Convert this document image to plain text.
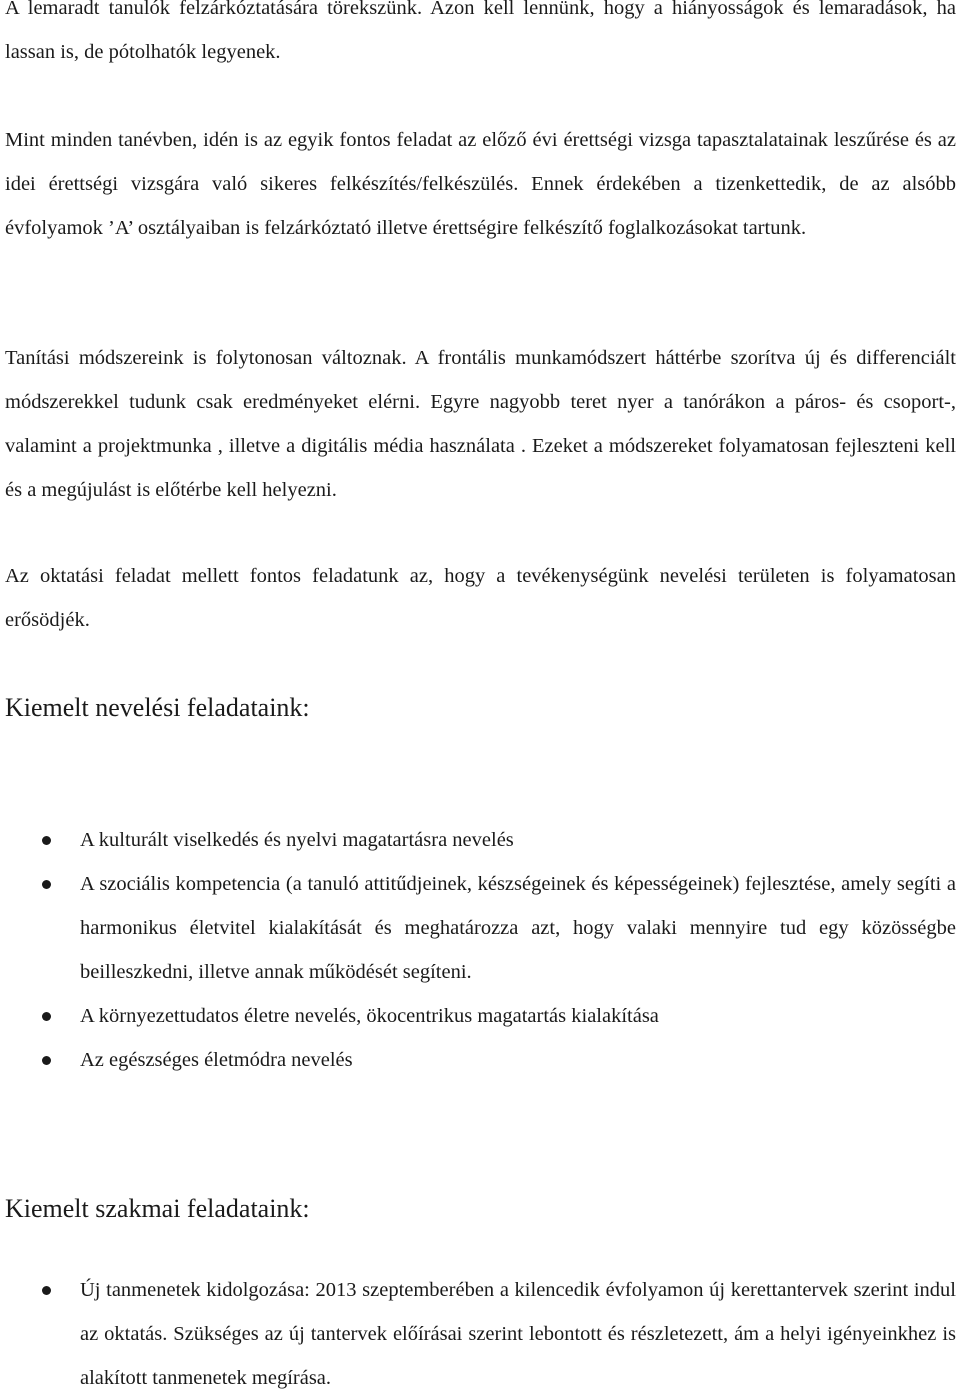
A lemaradt tanulók felzárkóztatására törekszünk. Azon kell lennünk, hogy a hiányosságok és lemaradások, ha lassan is, de pótolhatók legyenek.

Mint minden tanévben, idén is az egyik fontos feladat az előző évi érettségi vizsga tapasztalatainak leszűrése és az idei érettségi vizsgára való sikeres felkészítés/felkészülés. Ennek érdekében a tizenkettedik, de az alsóbb évfolyamok ’A’ osztályaiban is felzárkóztató illetve érettségire felkészítő foglalkozásokat tartunk.

Tanítási módszereink is folytonosan változnak. A frontális munkamódszert háttérbe szorítva új és differenciált módszerekkel tudunk csak eredményeket elérni. Egyre nagyobb teret nyer a tanórákon a páros- és csoport-, valamint a projektmunka , illetve a digitális média használata . Ezeket a módszereket folyamatosan fejleszteni kell és a megújulást is előtérbe kell helyezni.

Az oktatási feladat mellett fontos feladatunk az, hogy a tevékenységünk nevelési területen is folyamatosan erősödjék.

Kiemelt nevelési feladataink:
A kulturált viselkedés és nyelvi magatartásra nevelés
A szociális kompetencia (a tanuló attitűdjeinek, készségeinek és képességeinek) fejlesztése, amely segíti a harmonikus életvitel kialakítását és meghatározza azt, hogy valaki mennyire tud egy közösségbe beilleszkedni, illetve annak működését segíteni.
A környezettudatos életre nevelés, ökocentrikus magatartás kialakítása
Az egészséges életmódra nevelés
Kiemelt szakmai feladataink:
Új tanmenetek kidolgozása: 2013 szeptemberében a kilencedik évfolyamon új kerettantervek szerint indul az oktatás. Szükséges az új tantervek előírásai szerint lebontott és részletezett, ám a helyi igényeinkhez is alakított tanmenetek megírása.
